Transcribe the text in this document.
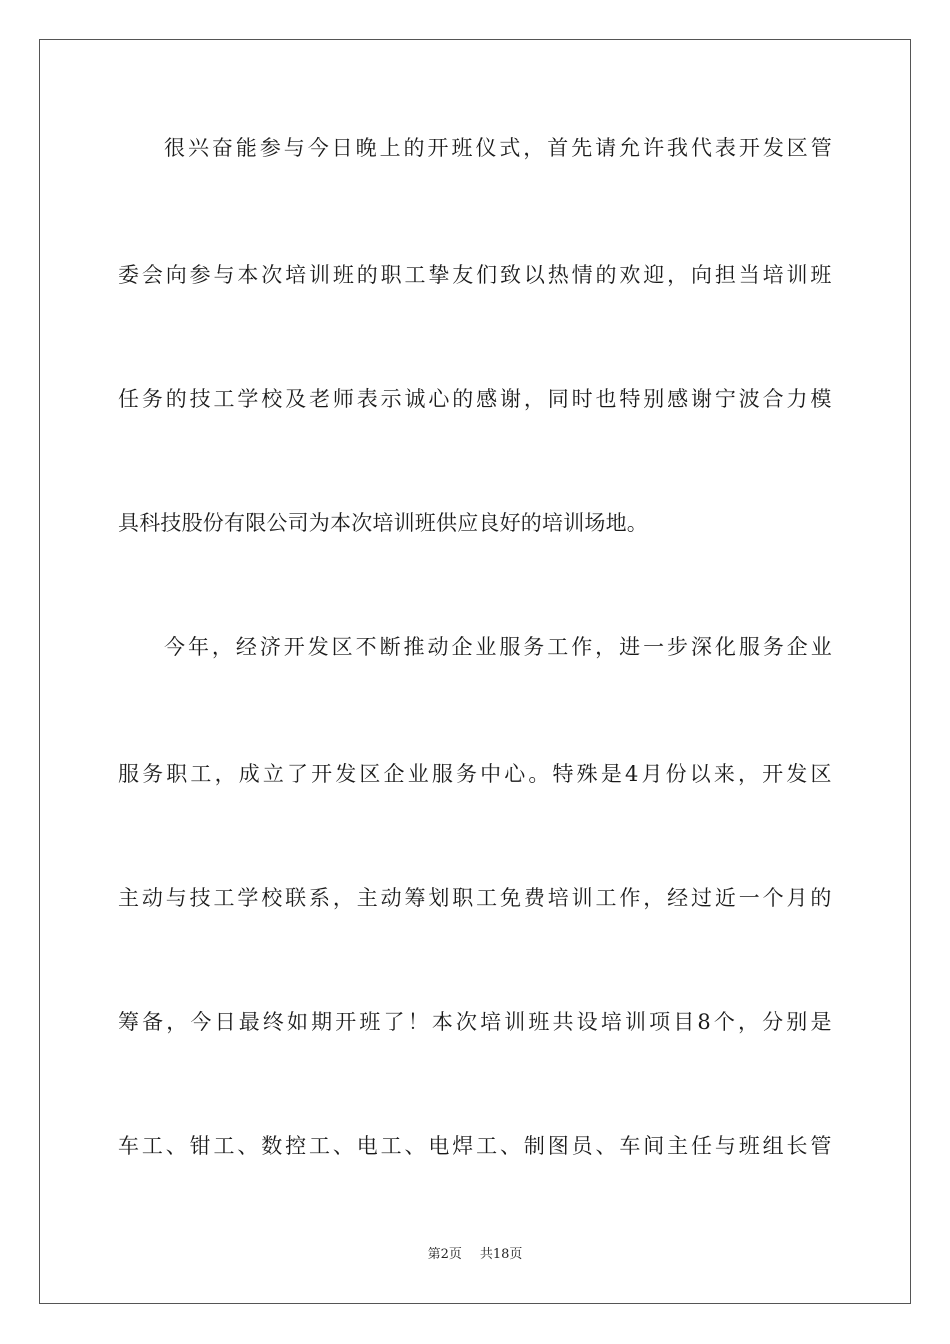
很 兴 奋 能 参 与 今 日 晚 上 的 开 班 仪 式 ， 首 先 请 允 许 我 代 表 开 发 区 管
委 会 向 参 与 本 次 培 训 班 的 职 工 挚 友 们 致 以 热 情 的 欢 迎 ， 向 担 当 培 训 班
任 务 的 技 工 学 校 及 老 师 表 示 诚 心 的 感 谢 ， 同 时 也 特 别 感 谢 宁 波 合 力 模
具科技股份有限公司为本次培训班供应良好的培训场地。
今 年 ， 经 济 开 发 区 不 断 推 动 企 业 服 务 工 作 ， 进 一 步 深 化 服 务 企 业
服 务 职 工 ， 成 立 了 开 发 区 企 业 服 务 中 心 。 特 殊 是 4 月 份 以 来 ， 开 发 区
主 动 与 技 工 学 校 联 系 ， 主 动 筹 划 职 工 免 费 培 训 工 作 ， 经 过 近 一 个 月 的
筹 备 ， 今 日 最 终 如 期 开 班 了 ！ 本 次 培 训 班 共 设 培 训 项 目 8 个 ， 分 别 是
车 工 、 钳 工 、 数 控 工 、 电 工 、 电 焊 工 、 制 图 员 、 车 间 主 任 与 班 组 长 管
第2页 共18页
